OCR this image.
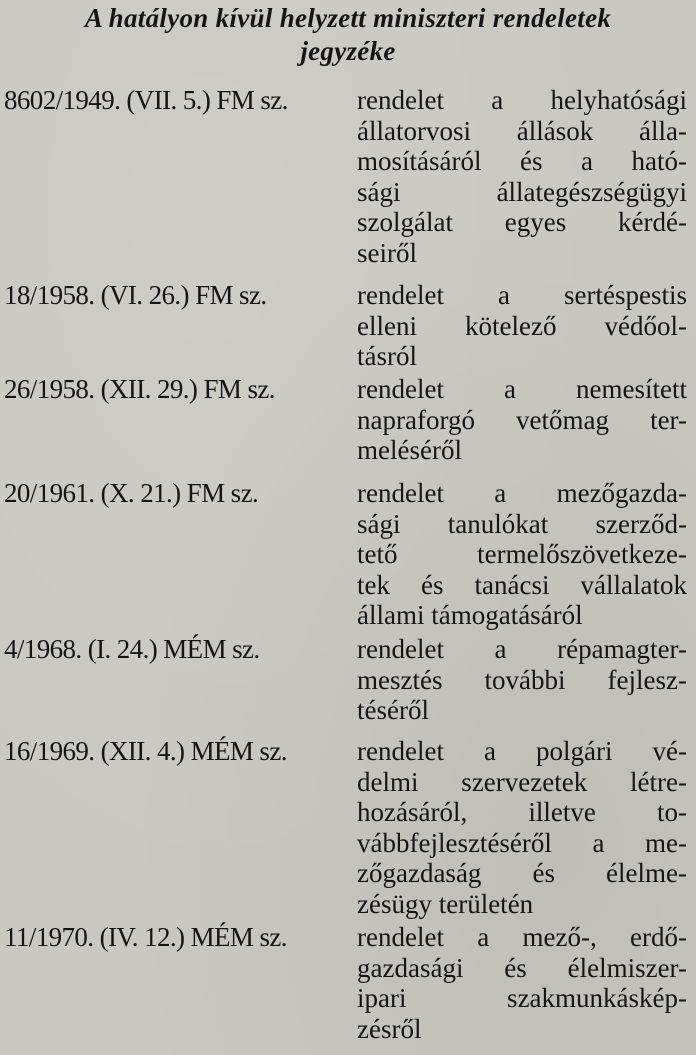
A hatályon kívül helyzett miniszteri rendeletek
jegyzéke
8602/1949. (VII. 5.) FM sz.	rendelet a helyhatósági
állatorvosi állások álla-
mosításáról és a ható-
sági állategészségügyi
szolgálat egyes kérdé-
seiről
18/1958. (VI. 26.) FM sz.	rendelet a sertéspestis
elleni kötelező védőol-
tásról
26/1958. (XII. 29.) FM sz.	rendelet a nemesített
napraforgó vetőmag ter-
meléséről
20/1961. (X. 21.) FM sz.	rendelet a mezőgazda-
sági tanulókat szerződ-
tető termelőszövetkeze-
tek és tanácsi vállalatok
állami támogatásáról
4/1968. (I. 24.) MÉM sz.	rendelet a répamagter-
mesztés további fejlesz-
téséről
16/1969. (XII. 4.) MÉM sz.	rendelet a polgári vé-
delmi szervezetek létre-
hozásáról, illetve to-
vábbfejlesztéséről a me-
zőgazdaság és élelme-
zésügy területén
11/1970. (IV. 12.) MÉM sz.	rendelet a mező-, erdő-
gazdasági és élelmiszer-
ipari szakmunkáskép-
zésről
